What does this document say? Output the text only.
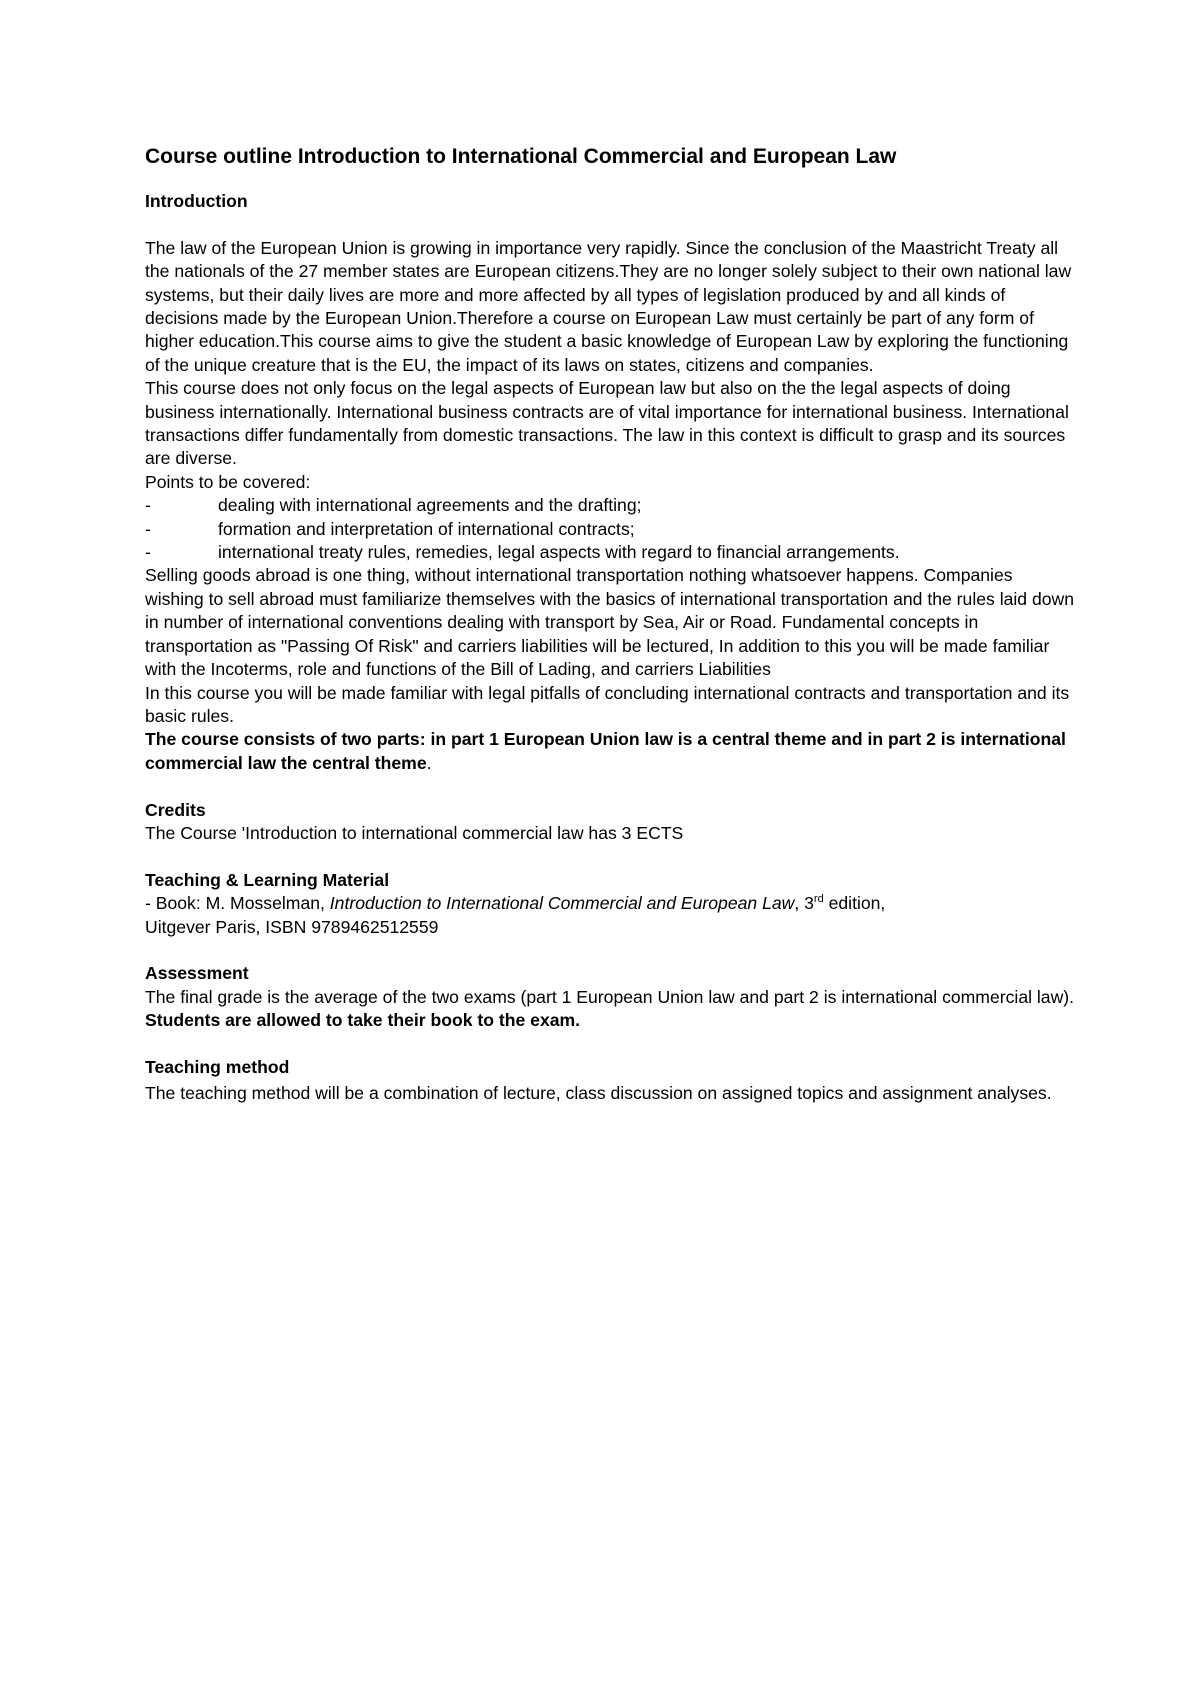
Course outline Introduction to International Commercial and European Law

Introduction

The law of the European Union is growing in importance very rapidly. Since the conclusion of the Maastricht Treaty all the nationals of the 27 member states are European citizens.They are no longer solely subject to their own national law systems, but their daily lives are more and more affected by all types of legislation produced by and all kinds of decisions made by the European Union.Therefore a course on European Law must certainly be part of any form of higher education.This course aims to give the student a basic knowledge of European Law by exploring the functioning of the unique creature that is the EU, the impact of its laws on states, citizens and companies.

This course does not only focus on the legal aspects of European law but also on the the legal aspects of doing business internationally. International business contracts are of vital importance for international business. International transactions differ fundamentally from domestic transactions. The law in this context is difficult to grasp and its sources are diverse.

Points to be covered:

-	dealing with international agreements and the drafting;
-	formation and interpretation of international contracts;
-	international treaty rules, remedies, legal aspects with regard to financial arrangements.

Selling goods abroad is one thing, without international transportation nothing whatsoever happens. Companies wishing to sell abroad must familiarize themselves with the basics of international transportation and the rules laid down in number of international conventions dealing with transport by Sea, Air or Road. Fundamental concepts in transportation as "Passing Of Risk" and carriers liabilities will be lectured, In addition to this you will be made familiar with the Incoterms, role and functions of the Bill of Lading, and carriers Liabilities

In this course you will be made familiar with legal pitfalls of concluding international contracts and transportation and its basic rules.

The course consists of two parts: in part 1 European Union law is a central theme and in part 2 is international commercial law the central theme.

Credits

The Course 'Introduction to international commercial law has 3 ECTS

Teaching & Learning Material

- Book: M. Mosselman, Introduction to International Commercial and European Law, 3rd edition,

Uitgever Paris, ISBN 9789462512559

Assessment

The final grade is the average of the two exams (part 1 European Union law and part 2 is international commercial law).

Students are allowed to take their book to the exam.

Teaching method

The teaching method will be a combination of lecture, class discussion on assigned topics and assignment analyses.
